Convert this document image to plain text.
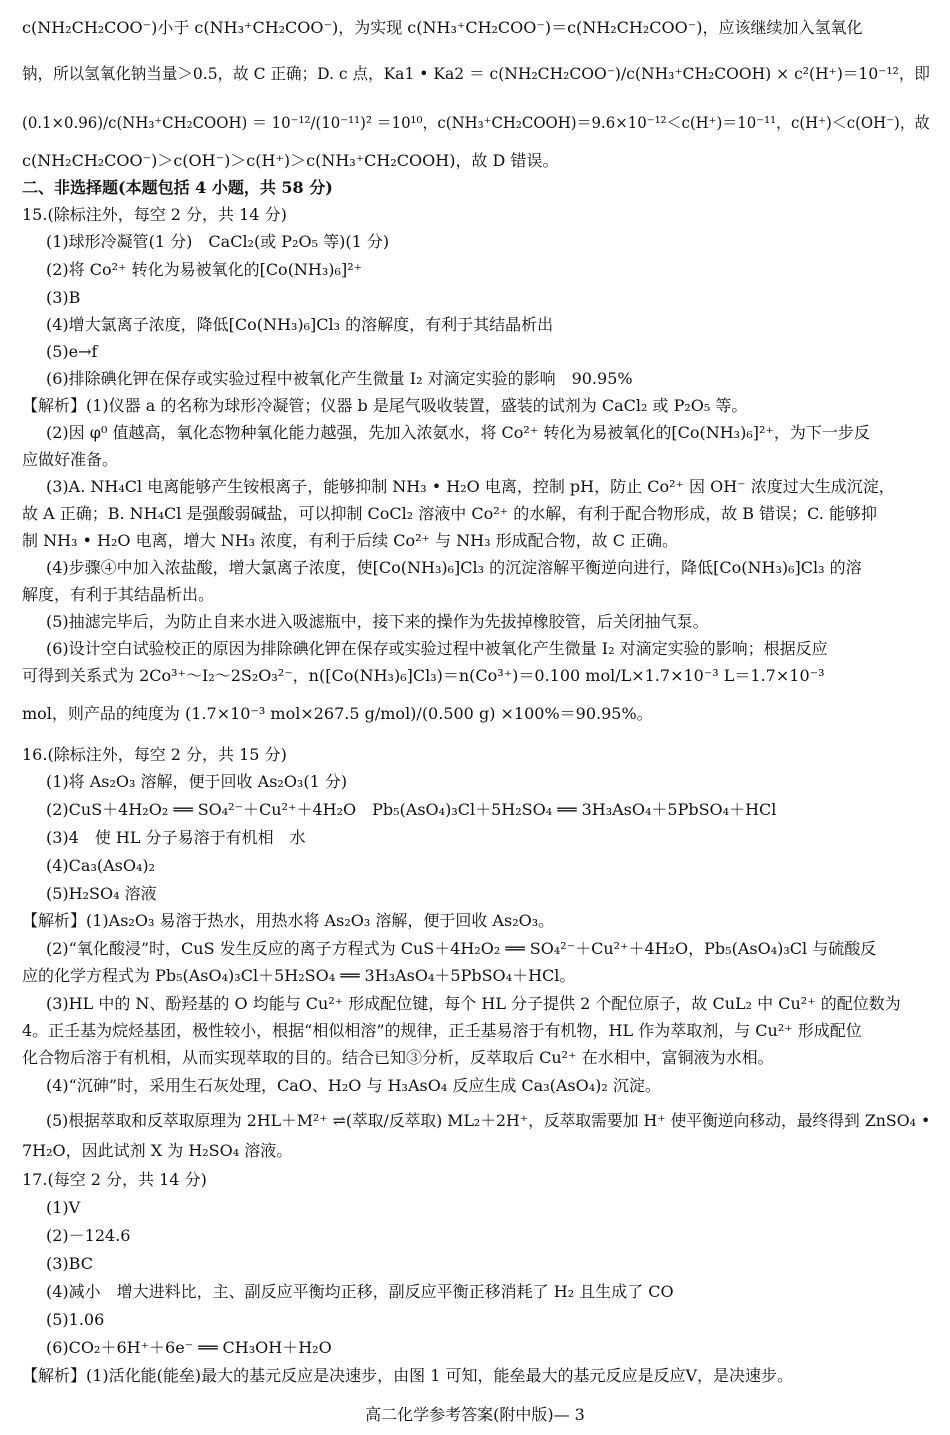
c(NH₂CH₂COO⁻)小于 c(NH₃⁺CH₂COO⁻)，为实现 c(NH₃⁺CH₂COO⁻)＝c(NH₂CH₂COO⁻)，应该继续加入氢氧化
钠，所以氢氧化钠当量＞0.5，故 C 正确；D. c 点，Ka1 • Ka2 ＝ c(NH₂CH₂COO⁻)/c(NH₃⁺CH₂COOH) × c²(H⁺)＝10⁻¹²，即
(0.1×0.96)/c(NH₃⁺CH₂COOH) ＝ 10⁻¹²/(10⁻¹¹)² ＝10¹⁰，c(NH₃⁺CH₂COOH)＝9.6×10⁻¹²＜c(H⁺)＝10⁻¹¹，c(H⁺)＜c(OH⁻)，故
c(NH₂CH₂COO⁻)＞c(OH⁻)＞c(H⁺)＞c(NH₃⁺CH₂COOH)，故 D 错误。
二、非选择题(本题包括 4 小题，共 58 分)
15.(除标注外，每空 2 分，共 14 分)
(1)球形冷凝管(1 分)　CaCl₂(或 P₂O₅ 等)(1 分)
(2)将 Co²⁺ 转化为易被氧化的[Co(NH₃)₆]²⁺
(3)B
(4)增大氯离子浓度，降低[Co(NH₃)₆]Cl₃ 的溶解度，有利于其结晶析出
(5)e→f
(6)排除碘化钾在保存或实验过程中被氧化产生微量 I₂ 对滴定实验的影响　90.95%
【解析】(1)仪器 a 的名称为球形冷凝管；仪器 b 是尾气吸收装置，盛装的试剂为 CaCl₂ 或 P₂O₅ 等。
(2)因 φ⁰ 值越高，氧化态物种氧化能力越强，先加入浓氨水，将 Co²⁺ 转化为易被氧化的[Co(NH₃)₆]²⁺，为下一步反
应做好准备。
(3)A. NH₄Cl 电离能够产生铵根离子，能够抑制 NH₃ • H₂O 电离，控制 pH，防止 Co²⁺ 因 OH⁻ 浓度过大生成沉淀，
故 A 正确；B. NH₄Cl 是强酸弱碱盐，可以抑制 CoCl₂ 溶液中 Co²⁺ 的水解，有利于配合物形成，故 B 错误；C. 能够抑
制 NH₃ • H₂O 电离，增大 NH₃ 浓度，有利于后续 Co²⁺ 与 NH₃ 形成配合物，故 C 正确。
(4)步骤④中加入浓盐酸，增大氯离子浓度，使[Co(NH₃)₆]Cl₃ 的沉淀溶解平衡逆向进行，降低[Co(NH₃)₆]Cl₃ 的溶
解度，有利于其结晶析出。
(5)抽滤完毕后，为防止自来水进入吸滤瓶中，接下来的操作为先拔掉橡胶管，后关闭抽气泵。
(6)设计空白试验校正的原因为排除碘化钾在保存或实验过程中被氧化产生微量 I₂ 对滴定实验的影响；根据反应
可得到关系式为 2Co³⁺～I₂～2S₂O₃²⁻，n([Co(NH₃)₆]Cl₃)＝n(Co³⁺)＝0.100 mol/L×1.7×10⁻³ L＝1.7×10⁻³
mol，则产品的纯度为 (1.7×10⁻³ mol×267.5 g/mol)/(0.500 g) ×100%＝90.95%。
16.(除标注外，每空 2 分，共 15 分)
(1)将 As₂O₃ 溶解，便于回收 As₂O₃(1 分)
(2)CuS＋4H₂O₂ ══ SO₄²⁻＋Cu²⁺＋4H₂O　Pb₅(AsO₄)₃Cl＋5H₂SO₄ ══ 3H₃AsO₄＋5PbSO₄＋HCl
(3)4　使 HL 分子易溶于有机相　水
(4)Ca₃(AsO₄)₂
(5)H₂SO₄ 溶液
【解析】(1)As₂O₃ 易溶于热水，用热水将 As₂O₃ 溶解，便于回收 As₂O₃。
(2)“氧化酸浸”时，CuS 发生反应的离子方程式为 CuS＋4H₂O₂ ══ SO₄²⁻＋Cu²⁺＋4H₂O，Pb₅(AsO₄)₃Cl 与硫酸反
应的化学方程式为 Pb₅(AsO₄)₃Cl＋5H₂SO₄ ══ 3H₃AsO₄＋5PbSO₄＋HCl。
(3)HL 中的 N、酚羟基的 O 均能与 Cu²⁺ 形成配位键，每个 HL 分子提供 2 个配位原子，故 CuL₂ 中 Cu²⁺ 的配位数为
4。正壬基为烷烃基团，极性较小，根据“相似相溶”的规律，正壬基易溶于有机物，HL 作为萃取剂，与 Cu²⁺ 形成配位
化合物后溶于有机相，从而实现萃取的目的。结合已知③分析，反萃取后 Cu²⁺ 在水相中，富铜液为水相。
(4)“沉砷”时，采用生石灰处理，CaO、H₂O 与 H₃AsO₄ 反应生成 Ca₃(AsO₄)₂ 沉淀。
(5)根据萃取和反萃取原理为 2HL＋M²⁺ ⇌(萃取/反萃取) ML₂＋2H⁺，反萃取需要加 H⁺ 使平衡逆向移动，最终得到 ZnSO₄ •
7H₂O，因此试剂 X 为 H₂SO₄ 溶液。
17.(每空 2 分，共 14 分)
(1)Ⅴ
(2)－124.6
(3)BC
(4)减小　增大进料比，主、副反应平衡均正移，副反应平衡正移消耗了 H₂ 且生成了 CO
(5)1.06
(6)CO₂＋6H⁺＋6e⁻ ══ CH₃OH＋H₂O
【解析】(1)活化能(能垒)最大的基元反应是决速步，由图 1 可知，能垒最大的基元反应是反应Ⅴ，是决速步。
高二化学参考答案(附中版)— 3
